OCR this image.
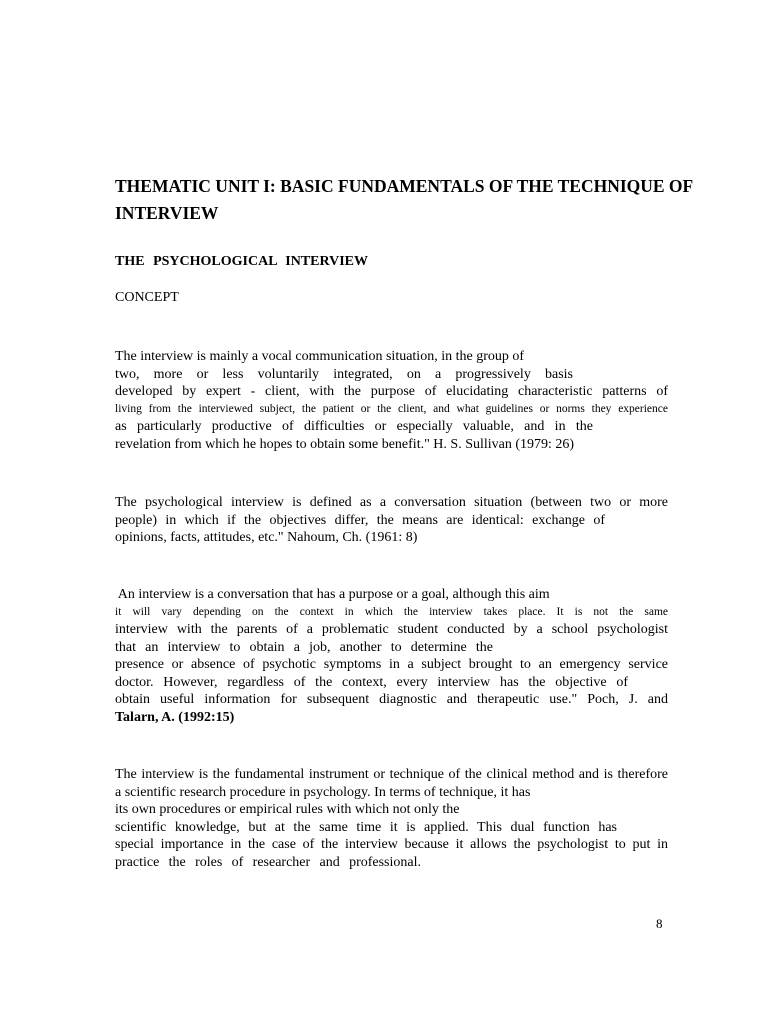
THEMATIC UNIT I: BASIC FUNDAMENTALS OF THE TECHNIQUE OF
INTERVIEW
THE PSYCHOLOGICAL INTERVIEW
CONCEPT
The interview is mainly a vocal communication situation, in the group of
two, more or less voluntarily integrated, on a progressively basis
developed by expert - client, with the purpose of elucidating characteristic patterns of
living from the interviewed subject, the patient or the client, and what guidelines or norms they experience
as particularly productive of difficulties or especially valuable, and in the
revelation from which he hopes to obtain some benefit." H. S. Sullivan (1979: 26)
The psychological interview is defined as a conversation situation (between two or more
people) in which if the objectives differ, the means are identical: exchange of
opinions, facts, attitudes, etc." Nahoum, Ch. (1961: 8)
An interview is a conversation that has a purpose or a goal, although this aim
it will vary depending on the context in which the interview takes place. It is not the same
interview with the parents of a problematic student conducted by a school psychologist
that an interview to obtain a job, another to determine the
presence or absence of psychotic symptoms in a subject brought to an emergency service
doctor. However, regardless of the context, every interview has the objective of
obtain useful information for subsequent diagnostic and therapeutic use." Poch, J. and
Talarn, A. (1992:15)
The interview is the fundamental instrument or technique of the clinical method and is therefore
a scientific research procedure in psychology. In terms of technique, it has
its own procedures or empirical rules with which not only the
scientific knowledge, but at the same time it is applied. This dual function has
special importance in the case of the interview because it allows the psychologist to put in
practice the roles of researcher and professional.
8
